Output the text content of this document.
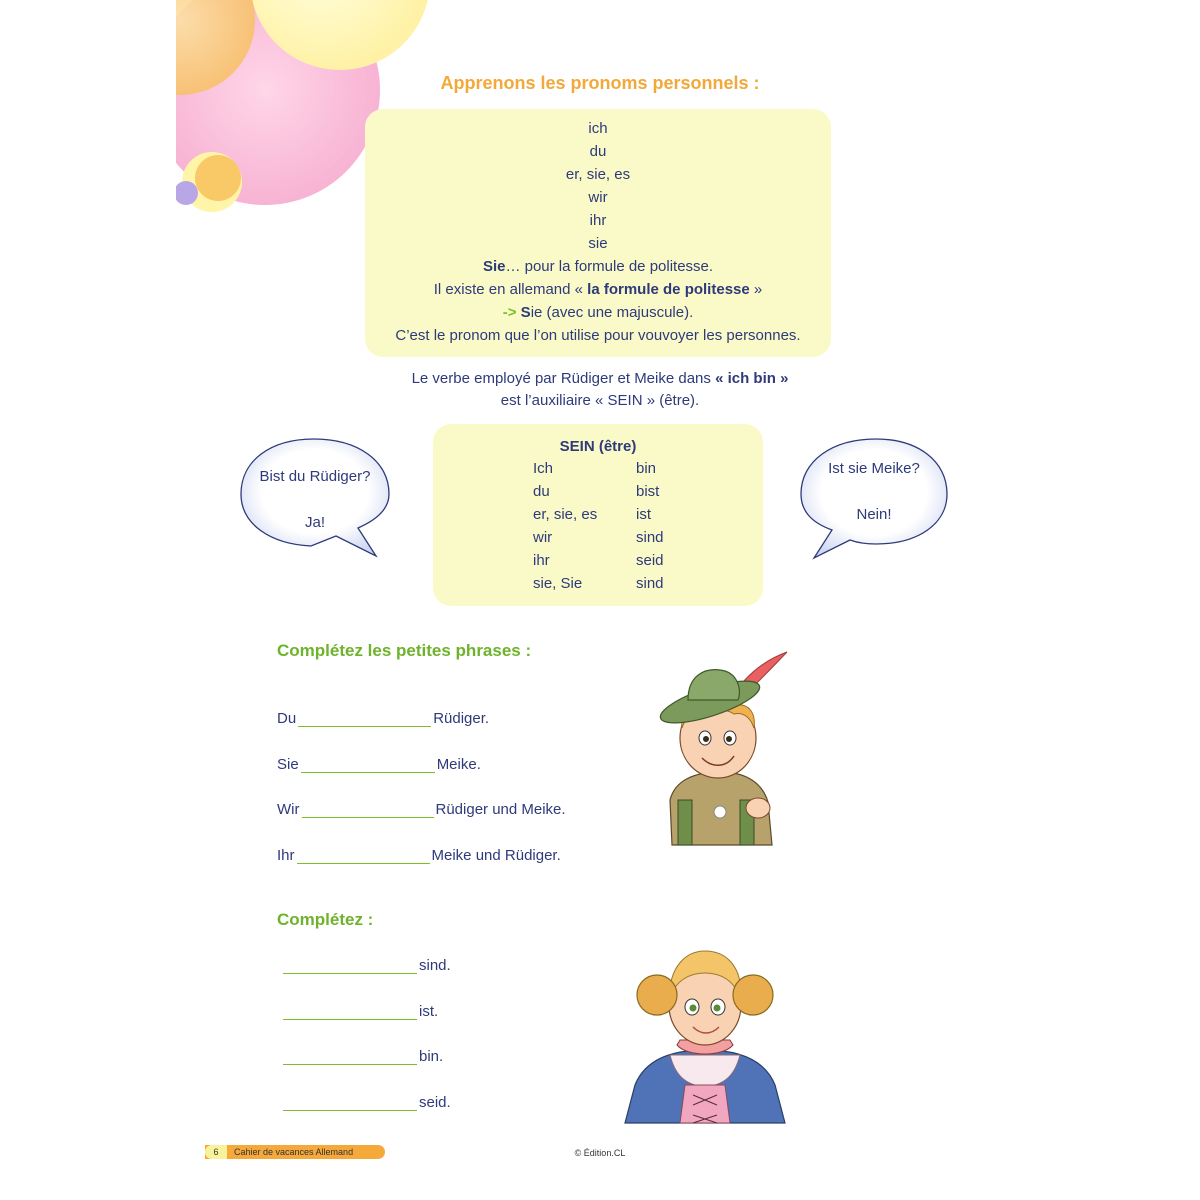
Apprenons les pronoms personnels :
ich
du
er, sie, es
wir
ihr
sie
Sie… pour la formule de politesse.
Il existe en allemand « la formule de politesse »
-> Sie (avec une majuscule).
C’est le pronom que l’on utilise pour vouvoyer les personnes.
Le verbe employé par Rüdiger et Meike dans « ich bin »
est l’auxiliaire « SEIN » (être).
Bist du Rüdiger?
Ja!
Ist sie Meike?
Nein!
SEIN (être)
Ich	bin
du	bist
er, sie, es	ist
wir	sind
ihr	seid
sie, Sie	sind
Complétez les petites phrases :
Du	Rüdiger.
Sie	Meike.
Wir	Rüdiger und Meike.
Ihr	Meike und Rüdiger.
Complétez :
sind.
ist.
bin.
seid.
6	Cahier de vacances Allemand	© Édition.CL
